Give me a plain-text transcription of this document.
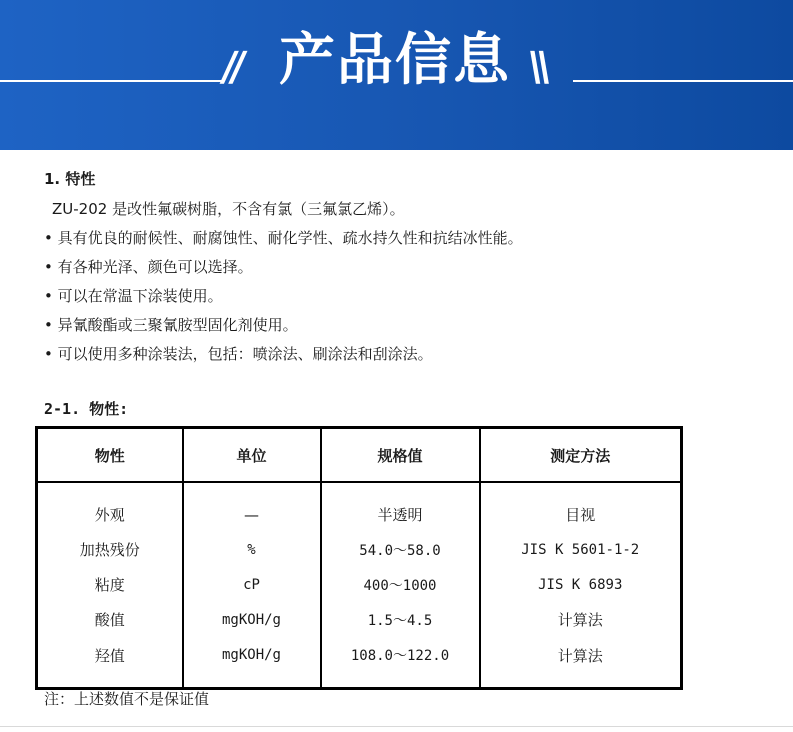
// 产品信息 \\
1. 特性
ZU-202 是改性氟碳树脂，不含有氯（三氟氯乙烯）。
• 具有优良的耐候性、耐腐蚀性、耐化学性、疏水持久性和抗结冰性能。
• 有各种光泽、颜色可以选择。
• 可以在常温下涂装使用。
• 异氰酸酯或三聚氰胺型固化剂使用。
• 可以使用多种涂装法，包括：喷涂法、刷涂法和刮涂法。
2-1. 物性:
物性	单位	规格值	测定方法
外观	—	半透明	目视
加热残份	%	54.0～58.0	JIS K 5601-1-2
粘度	cP	400～1000	JIS K 6893
酸值	mgKOH/g	1.5～4.5	计算法
羟值	mgKOH/g	108.0～122.0	计算法
注：上述数值不是保证值
